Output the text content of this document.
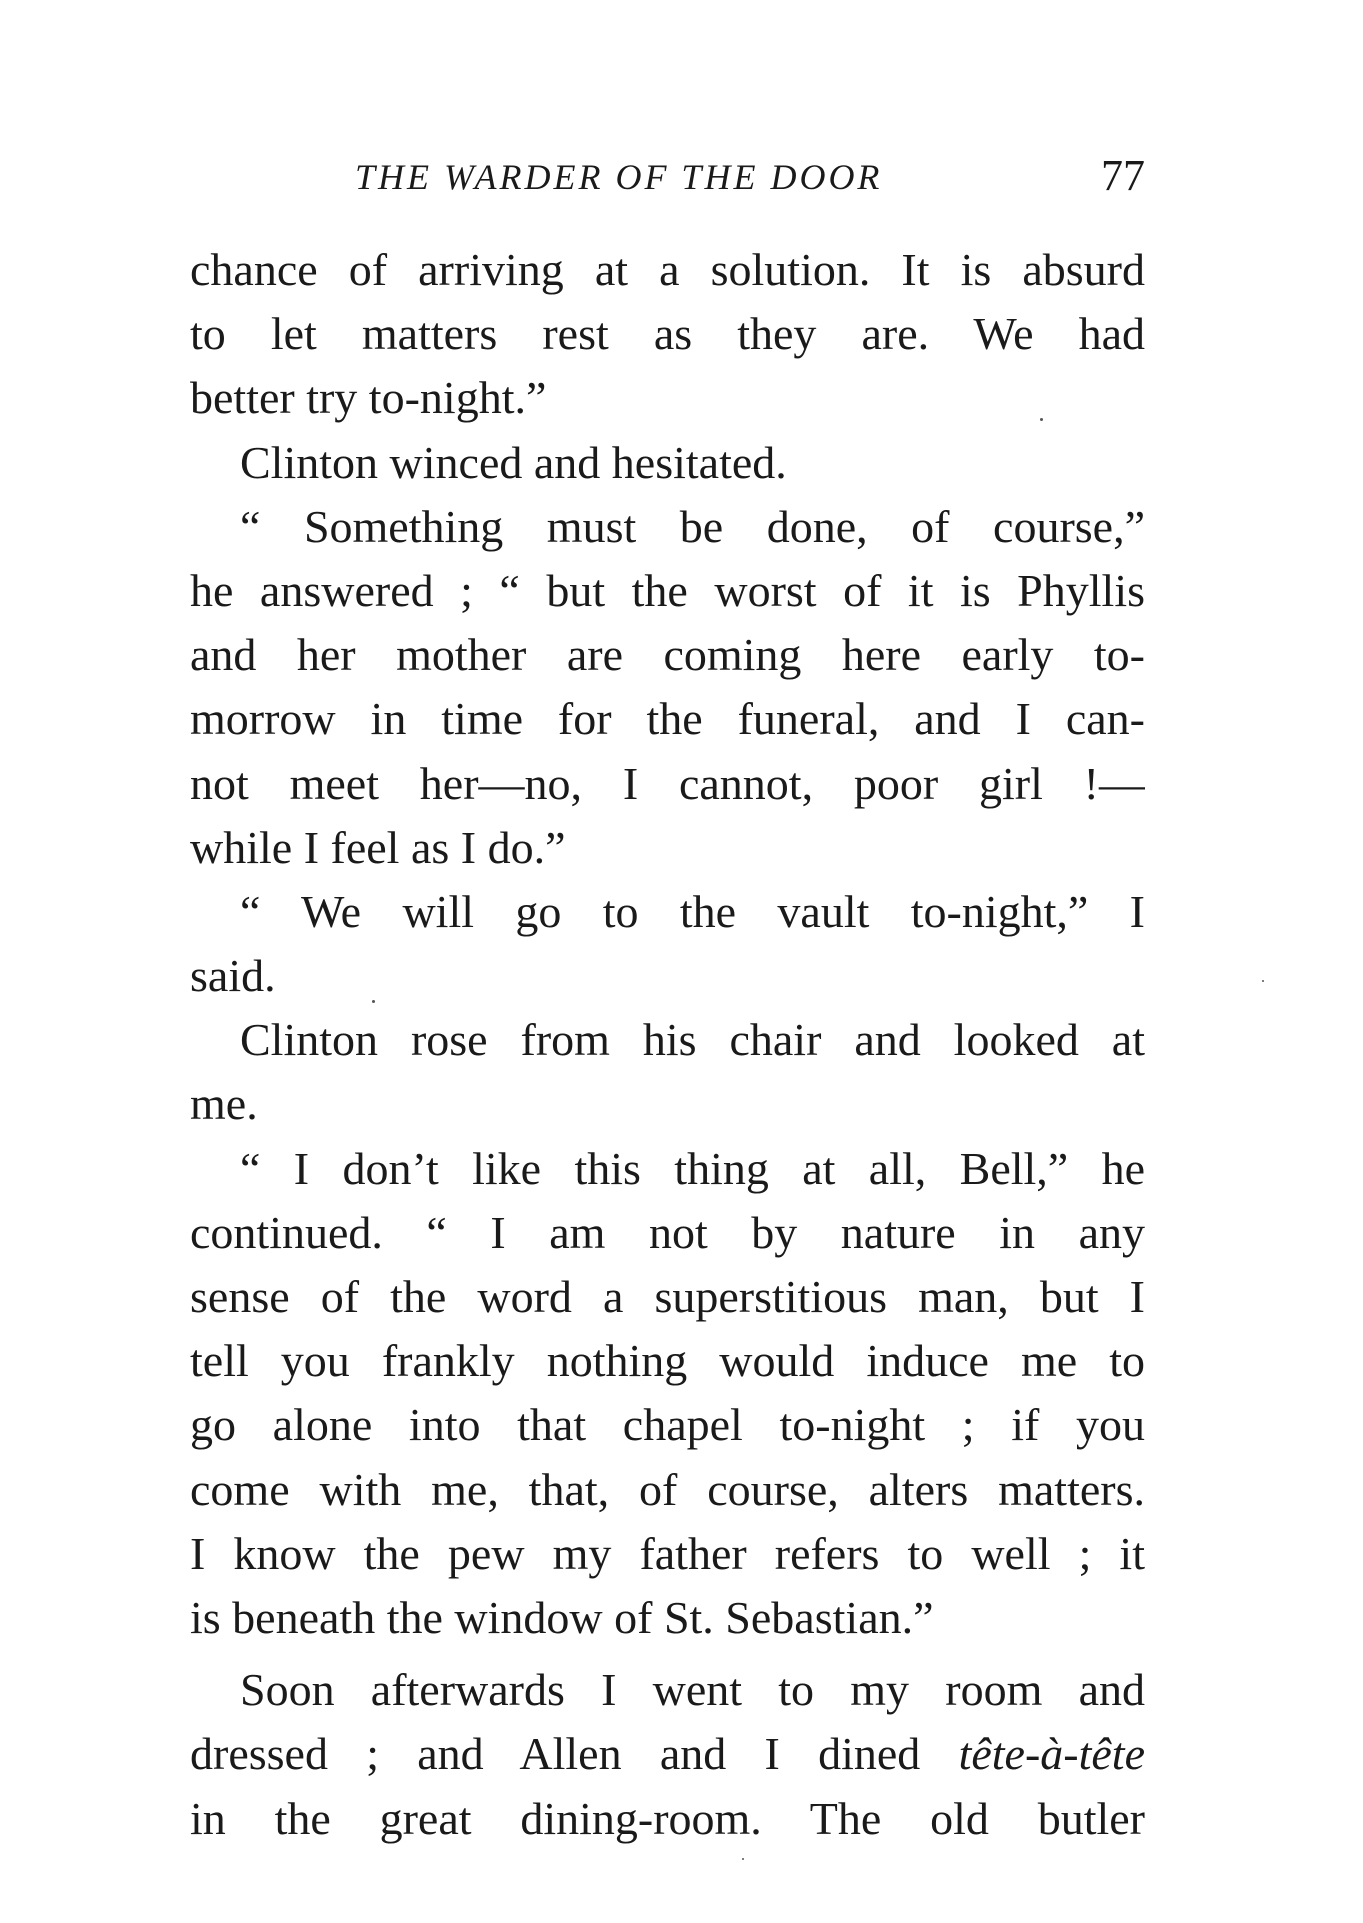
THE WARDER OF THE DOOR	77
chance of arriving at a solution. It is absurd
to let matters rest as they are. We had
better try to-night.”
Clinton winced and hesitated.
“ Something must be done, of course,”
he answered ; “ but the worst of it is Phyllis
and her mother are coming here early to-
morrow in time for the funeral, and I can-
not meet her—no, I cannot, poor girl !—
while I feel as I do.”
“ We will go to the vault to-night,” I
said.
Clinton rose from his chair and looked at
me.
“ I don’t like this thing at all, Bell,” he
continued. “ I am not by nature in any
sense of the word a superstitious man, but I
tell you frankly nothing would induce me to
go alone into that chapel to-night ; if you
come with me, that, of course, alters matters.
I know the pew my father refers to well ; it
is beneath the window of St. Sebastian.”
Soon afterwards I went to my room and
dressed ; and Allen and I dined tête-à-tête
in the great dining-room. The old butler
